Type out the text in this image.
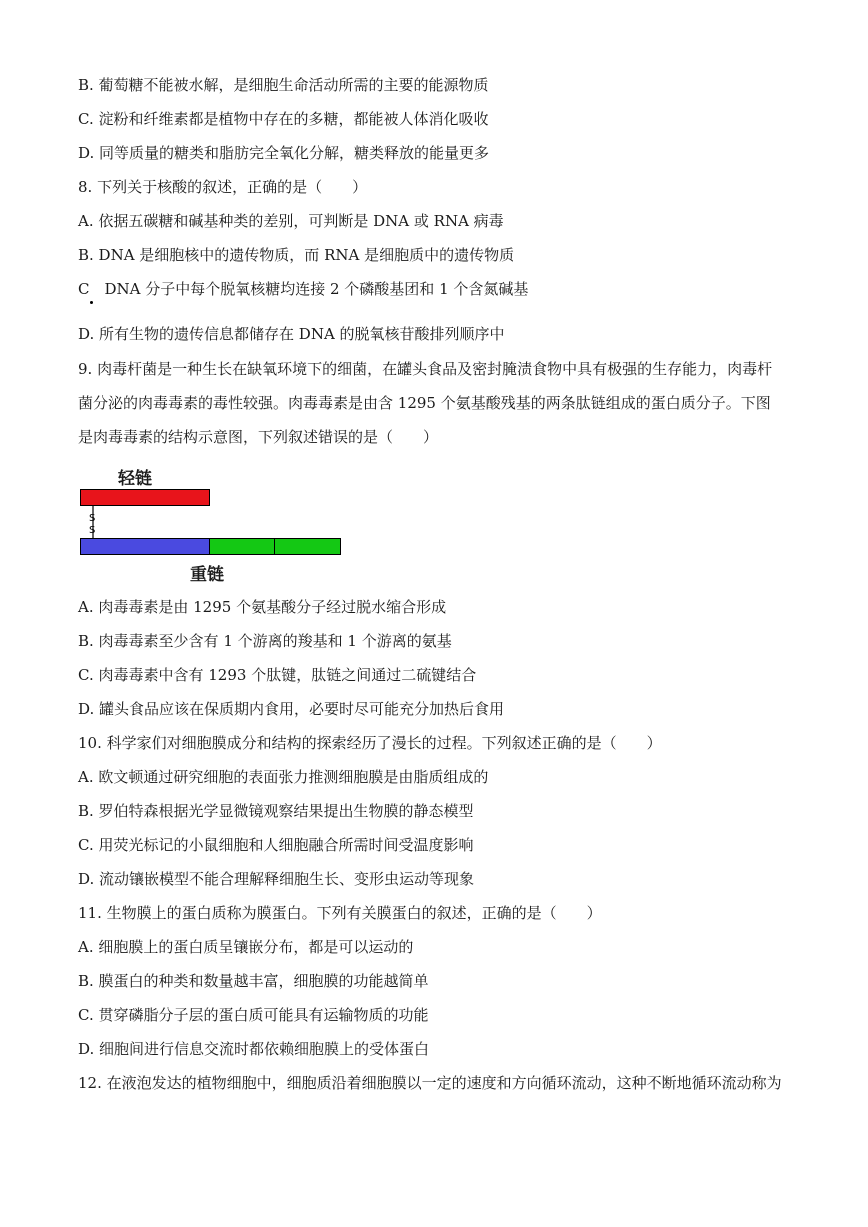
B. 葡萄糖不能被水解，是细胞生命活动所需的主要的能源物质
C. 淀粉和纤维素都是植物中存在的多糖，都能被人体消化吸收
D. 同等质量的糖类和脂肪完全氧化分解，糖类释放的能量更多
8. 下列关于核酸的叙述，正确的是（　　）
A. 依据五碳糖和碱基种类的差别，可判断是 DNA 或 RNA 病毒
B. DNA 是细胞核中的遗传物质，而 RNA 是细胞质中的遗传物质
C　DNA 分子中每个脱氧核糖均连接 2 个磷酸基团和 1 个含氮碱基
D. 所有生物的遗传信息都储存在 DNA 的脱氧核苷酸排列顺序中
9. 肉毒杆菌是一种生长在缺氧环境下的细菌，在罐头食品及密封腌渍食物中具有极强的生存能力，肉毒杆
菌分泌的肉毒毒素的毒性较强。肉毒毒素是由含 1295 个氨基酸残基的两条肽链组成的蛋白质分子。下图
是肉毒毒素的结构示意图，下列叙述错误的是（　　）
轻链
S
S
重链
A. 肉毒毒素是由 1295 个氨基酸分子经过脱水缩合形成
B. 肉毒毒素至少含有 1 个游离的羧基和 1 个游离的氨基
C. 肉毒毒素中含有 1293 个肽键，肽链之间通过二硫键结合
D. 罐头食品应该在保质期内食用，必要时尽可能充分加热后食用
10. 科学家们对细胞膜成分和结构的探索经历了漫长的过程。下列叙述正确的是（　　）
A. 欧文顿通过研究细胞的表面张力推测细胞膜是由脂质组成的
B. 罗伯特森根据光学显微镜观察结果提出生物膜的静态模型
C. 用荧光标记的小鼠细胞和人细胞融合所需时间受温度影响
D. 流动镶嵌模型不能合理解释细胞生长、变形虫运动等现象
11. 生物膜上的蛋白质称为膜蛋白。下列有关膜蛋白的叙述，正确的是（　　）
A. 细胞膜上的蛋白质呈镶嵌分布，都是可以运动的
B. 膜蛋白的种类和数量越丰富，细胞膜的功能越简单
C. 贯穿磷脂分子层的蛋白质可能具有运输物质的功能
D. 细胞间进行信息交流时都依赖细胞膜上的受体蛋白
12. 在液泡发达的植物细胞中，细胞质沿着细胞膜以一定的速度和方向循环流动，这种不断地循环流动称为
